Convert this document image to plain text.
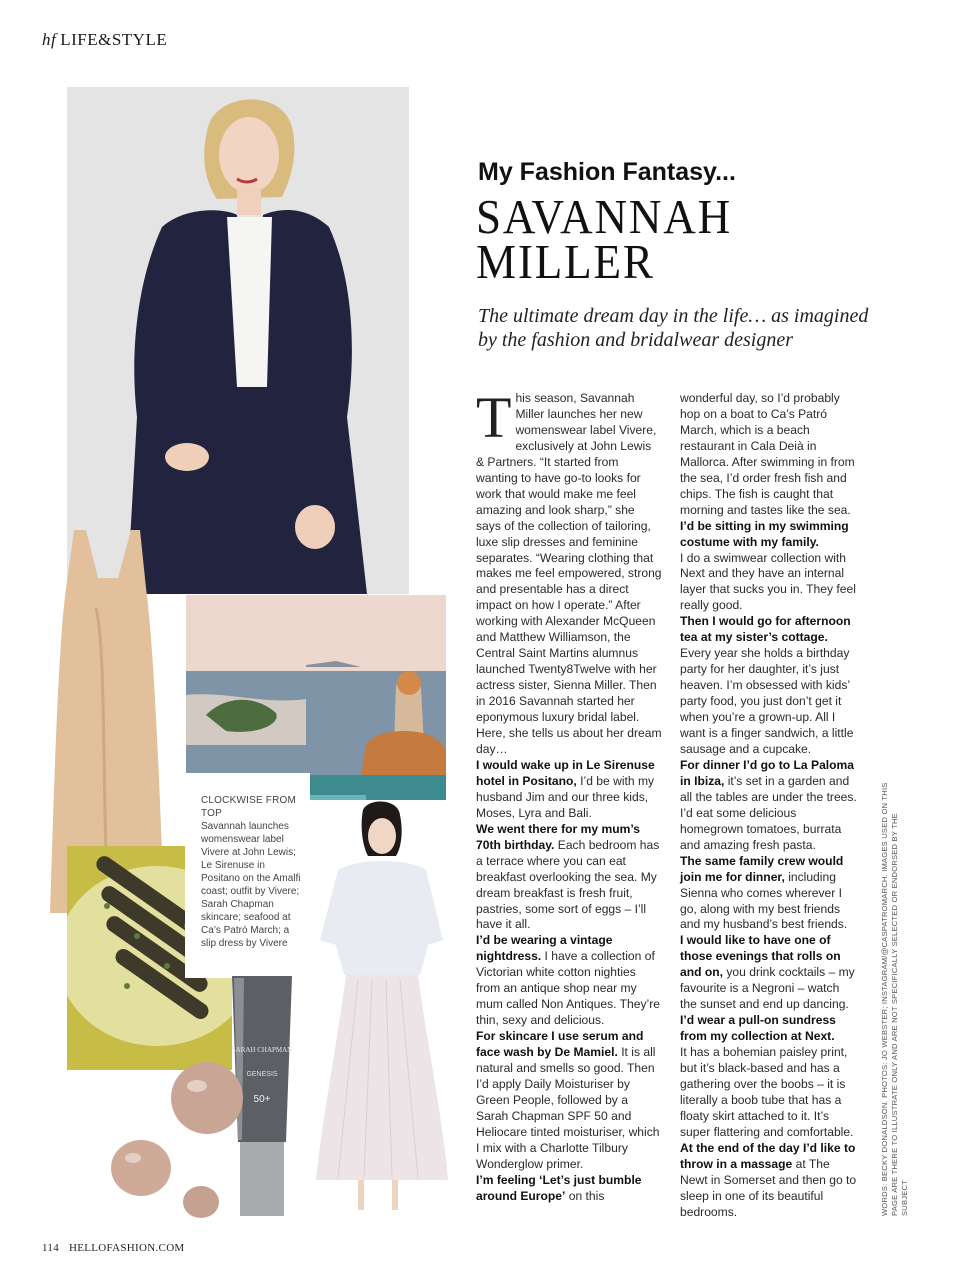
hf LIFE&STYLE
CLOCKWISE FROM TOP
Savannah launches womenswear label Vivere at John Lewis; Le Sirenuse in Positano on the Amalfi coast; outfit by Vivere; Sarah Chapman skincare; seafood at Ca’s Patró March; a slip dress by Vivere
SARAH CHAPMAN
GENESIS
50+
My Fashion Fantasy...
SAVANNAH
MILLER
The ultimate dream day in the life… as imagined by the fashion and bridalwear designer
T his season, Savannah Miller launches her new womenswear label Vivere, exclusively at John Lewis & Partners. “It started from wanting to have go-to looks for work that would make me feel amazing and look sharp,” she says of the collection of tailoring, luxe slip dresses and feminine separates. “Wearing clothing that makes me feel empowered, strong and presentable has a direct impact on how I operate.” After working with Alexander McQueen and Matthew Williamson, the Central Saint Martins alumnus launched Twenty8Twelve with her actress sister, Sienna Miller. Then in 2016 Savannah started her eponymous luxury bridal label. Here, she tells us about her dream day…

I would wake up in Le Sirenuse hotel in Positano, I’d be with my husband Jim and our three kids, Moses, Lyra and Bali.

We went there for my mum’s 70th birthday. Each bedroom has a terrace where you can eat breakfast overlooking the sea. My dream breakfast is fresh fruit, pastries, some sort of eggs – I’ll have it all.

I’d be wearing a vintage nightdress. I have a collection of Victorian white cotton nighties from an antique shop near my mum called Non Antiques. They’re thin, sexy and delicious.

For skincare I use serum and face wash by De Mamiel. It is all natural and smells so good. Then I’d apply Daily Moisturiser by Green People, followed by a Sarah Chapman SPF 50 and Heliocare tinted moisturiser, which I mix with a Charlotte Tilbury Wonderglow primer.

I’m feeling ‘Let’s just bumble around Europe’ on this

wonderful day, so I’d probably hop on a boat to Ca’s Patró March, which is a beach restaurant in Cala Deià in Mallorca. After swimming in from the sea, I’d order fresh fish and chips. The fish is caught that morning and tastes like the sea.

I’d be sitting in my swimming costume with my family.

I do a swimwear collection with Next and they have an internal layer that sucks you in. They feel really good.

Then I would go for afternoon tea at my sister’s cottage.

Every year she holds a birthday party for her daughter, it’s just heaven. I’m obsessed with kids’ party food, you just don’t get it when you’re a grown-up. All I want is a finger sandwich, a little sausage and a cupcake.

For dinner I’d go to La Paloma in Ibiza, it’s set in a garden and all the tables are under the trees. I’d eat some delicious homegrown tomatoes, burrata and amazing fresh pasta.

The same family crew would join me for dinner, including Sienna who comes wherever I go, along with my best friends and my husband’s best friends.

I would like to have one of those evenings that rolls on and on, you drink cocktails – my favourite is a Negroni – watch the sunset and end up dancing.

I’d wear a pull-on sundress from my collection at Next.

It has a bohemian paisley print, but it’s black-based and has a gathering over the boobs – it is literally a boob tube that has a floaty skirt attached to it. It’s super flattering and comfortable.

At the end of the day I’d like to throw in a massage at The Newt in Somerset and then go to sleep in one of its beautiful bedrooms.	WORDS: BECKY DONALDSON. PHOTOS: JO WEBSTER; INSTAGRAM/@CASPATROMARCH. IMAGES USED ON THIS PAGE ARE THERE TO ILLUSTRATE ONLY AND ARE NOT SPECIFICALLY SELECTED OR ENDORSED BY THE SUBJECT
114 HELLOFASHION.COM
